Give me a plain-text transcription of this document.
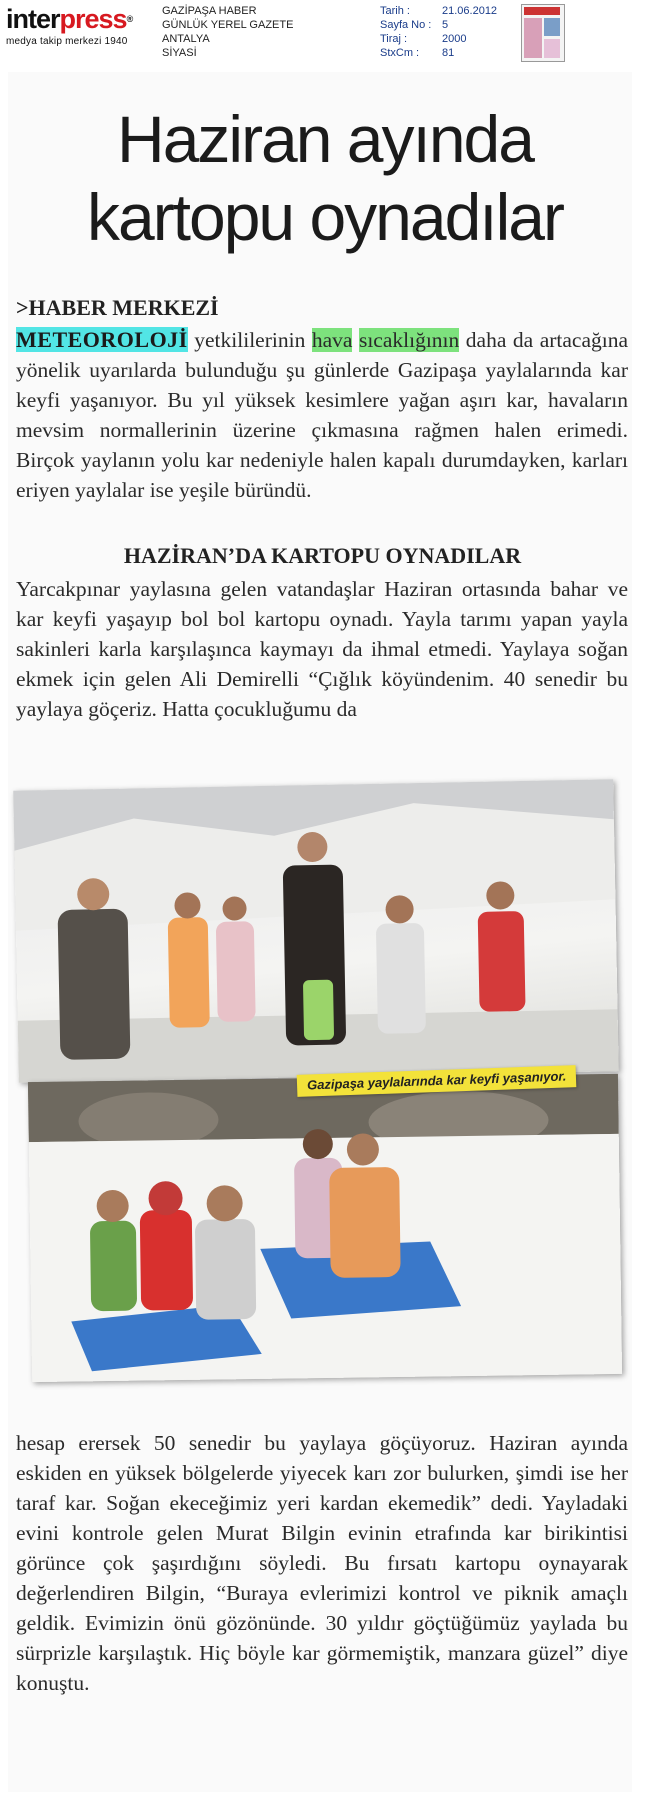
interpress®
medya takip merkezi 1940
GAZİPAŞA HABER
GÜNLÜK YEREL GAZETE
ANTALYA
SİYASİ
Tarih :	21.06.2012
Sayfa No : 5
Tiraj :	2000
StxCm :	81
Haziran ayında
kartopu oynadılar
>HABER MERKEZİ
METEOROLOJİ yetkililerinin hava sıcaklığının daha da artacağına yönelik uyarılarda bulunduğu şu günlerde Gazipaşa yaylalarında kar keyfi yaşanıyor. Bu yıl yüksek kesimlere yağan aşırı kar, havaların mevsim normallerinin üzerine çıkmasına rağmen halen erimedi. Birçok yaylanın yolu kar nedeniyle halen kapalı durumdayken, karları eriyen yaylalar ise yeşile büründü.
HAZİRAN’DA KARTOPU OYNADILAR
Yarcakpınar yaylasına gelen vatandaşlar Haziran ortasında bahar ve kar keyfi yaşayıp bol bol kartopu oynadı. Yayla tarımı yapan yayla sakinleri karla karşılaşınca kaymayı da ihmal etmedi. Yaylaya soğan ekmek için gelen Ali Demirelli “Çığlık köyündenim. 40 senedir bu yaylaya göçeriz. Hatta çocukluğumu da
Gazipaşa yaylalarında kar keyfi yaşanıyor.
hesap erersek 50 senedir bu yaylaya göçüyoruz. Haziran ayında eskiden en yüksek bölgelerde yiyecek karı zor bulurken, şimdi ise her taraf kar. Soğan ekeceğimiz yeri kardan ekemedik” dedi. Yayladaki evini kontrole gelen Murat Bilgin evinin etrafında kar birikintisi görünce çok şaşırdığını söyledi. Bu fırsatı kartopu oynayarak değerlendiren Bilgin, “Buraya evlerimizi kontrol ve piknik amaçlı geldik. Evimizin önü gözönünde. 30 yıldır göçtüğümüz yaylada bu sürprizle karşılaştık. Hiç böyle kar görmemiştik, manzara güzel” diye konuştu.
